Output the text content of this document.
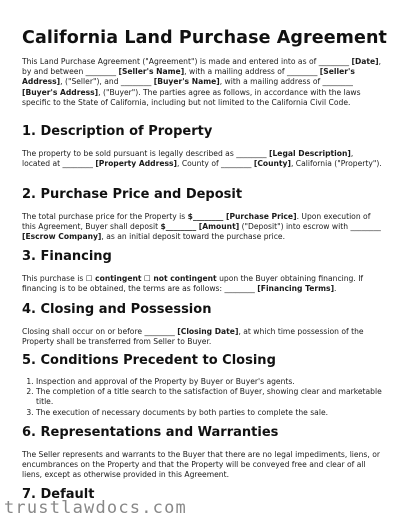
California Land Purchase Agreement

This Land Purchase Agreement ("Agreement") is made and entered into as of ________ [Date], by and between ________ [Seller's Name], with a mailing address of ________ [Seller's Address], ("Seller"), and ________ [Buyer's Name], with a mailing address of ________ [Buyer's Address], ("Buyer"). The parties agree as follows, in accordance with the laws specific to the State of California, including but not limited to the California Civil Code.

1. Description of Property

The property to be sold pursuant is legally described as ________ [Legal Description], located at ________ [Property Address], County of ________ [County], California ("Property").

2. Purchase Price and Deposit

The total purchase price for the Property is $________ [Purchase Price]. Upon execution of this Agreement, Buyer shall deposit $________ [Amount] ("Deposit") into escrow with ________ [Escrow Company], as an initial deposit toward the purchase price.

3. Financing

This purchase is ☐ contingent ☐ not contingent upon the Buyer obtaining financing. If financing is to be obtained, the terms are as follows: ________ [Financing Terms].

4. Closing and Possession

Closing shall occur on or before ________ [Closing Date], at which time possession of the Property shall be transferred from Seller to Buyer.

5. Conditions Precedent to Closing
1. Inspection and approval of the Property by Buyer or Buyer's agents.
2. The completion of a title search to the satisfaction of Buyer, showing clear and marketable title.
3. The execution of necessary documents by both parties to complete the sale.
6. Representations and Warranties

The Seller represents and warrants to the Buyer that there are no legal impediments, liens, or encumbrances on the Property and that the Property will be conveyed free and clear of all liens, except as otherwise provided in this Agreement.

7. Default
trustlawdocs.com
